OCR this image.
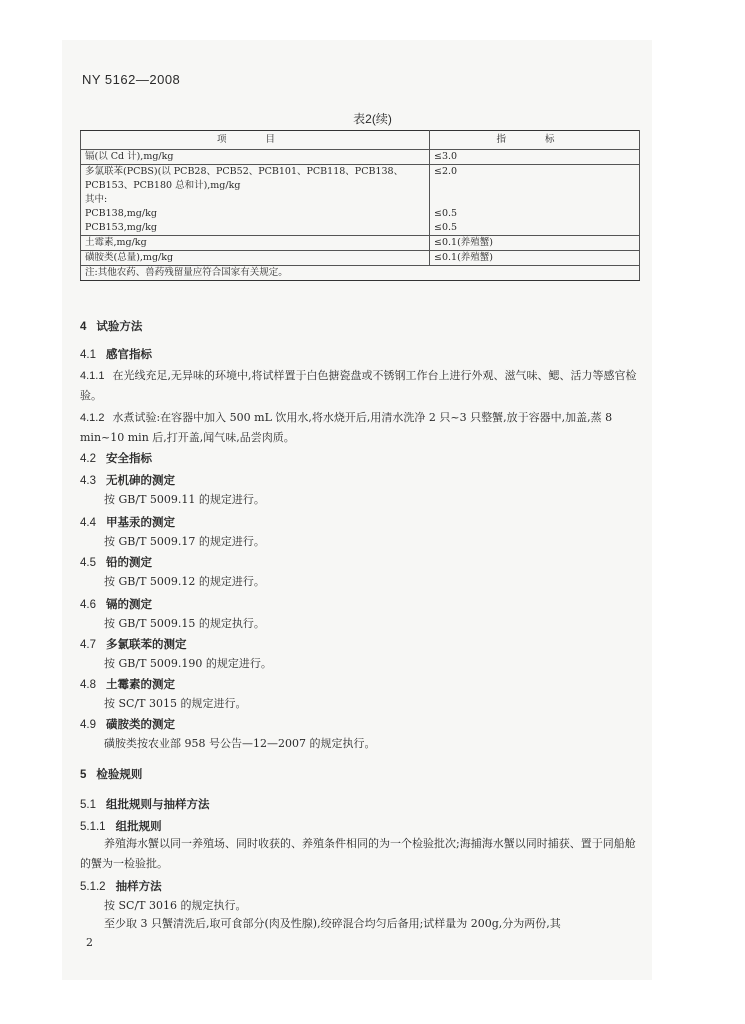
NY 5162—2008
表2(续)
项 目	指 标
镉(以 Cd 计),mg/kg	≤3.0
多氯联苯(PCBS)(以 PCB28、PCB52、PCB101、PCB118、PCB138、PCB153、PCB180 总和计),mg/kg	≤2.0
其中:	
PCB138,mg/kg	≤0.5
PCB153,mg/kg	≤0.5
土霉素,mg/kg	≤0.1(养殖蟹)
磺胺类(总量),mg/kg	≤0.1(养殖蟹)
注:其他农药、兽药残留量应符合国家有关规定。	
4 试验方法
4.1 感官指标
4.1.1 在光线充足,无异味的环境中,将试样置于白色搪瓷盘或不锈钢工作台上进行外观、滋气味、鳃、活力等感官检验。
4.1.2 水煮试验:在容器中加入 500 mL 饮用水,将水烧开后,用清水洗净 2 只~3 只整蟹,放于容器中,加盖,蒸 8 min~10 min 后,打开盖,闻气味,品尝肉质。
4.2 安全指标
4.3 无机砷的测定
按 GB/T 5009.11 的规定进行。
4.4 甲基汞的测定
按 GB/T 5009.17 的规定进行。
4.5 铅的测定
按 GB/T 5009.12 的规定进行。
4.6 镉的测定
按 GB/T 5009.15 的规定执行。
4.7 多氯联苯的测定
按 GB/T 5009.190 的规定进行。
4.8 土霉素的测定
按 SC/T 3015 的规定进行。
4.9 磺胺类的测定
磺胺类按农业部 958 号公告—12—2007 的规定执行。
5 检验规则
5.1 组批规则与抽样方法
5.1.1 组批规则
养殖海水蟹以同一养殖场、同时收获的、养殖条件相同的为一个检验批次;海捕海水蟹以同时捕获、置于同船舱的蟹为一检验批。
5.1.2 抽样方法
按 SC/T 3016 的规定执行。
至少取 3 只蟹清洗后,取可食部分(肉及性腺),绞碎混合均匀后备用;试样量为 200g,分为两份,其
2
